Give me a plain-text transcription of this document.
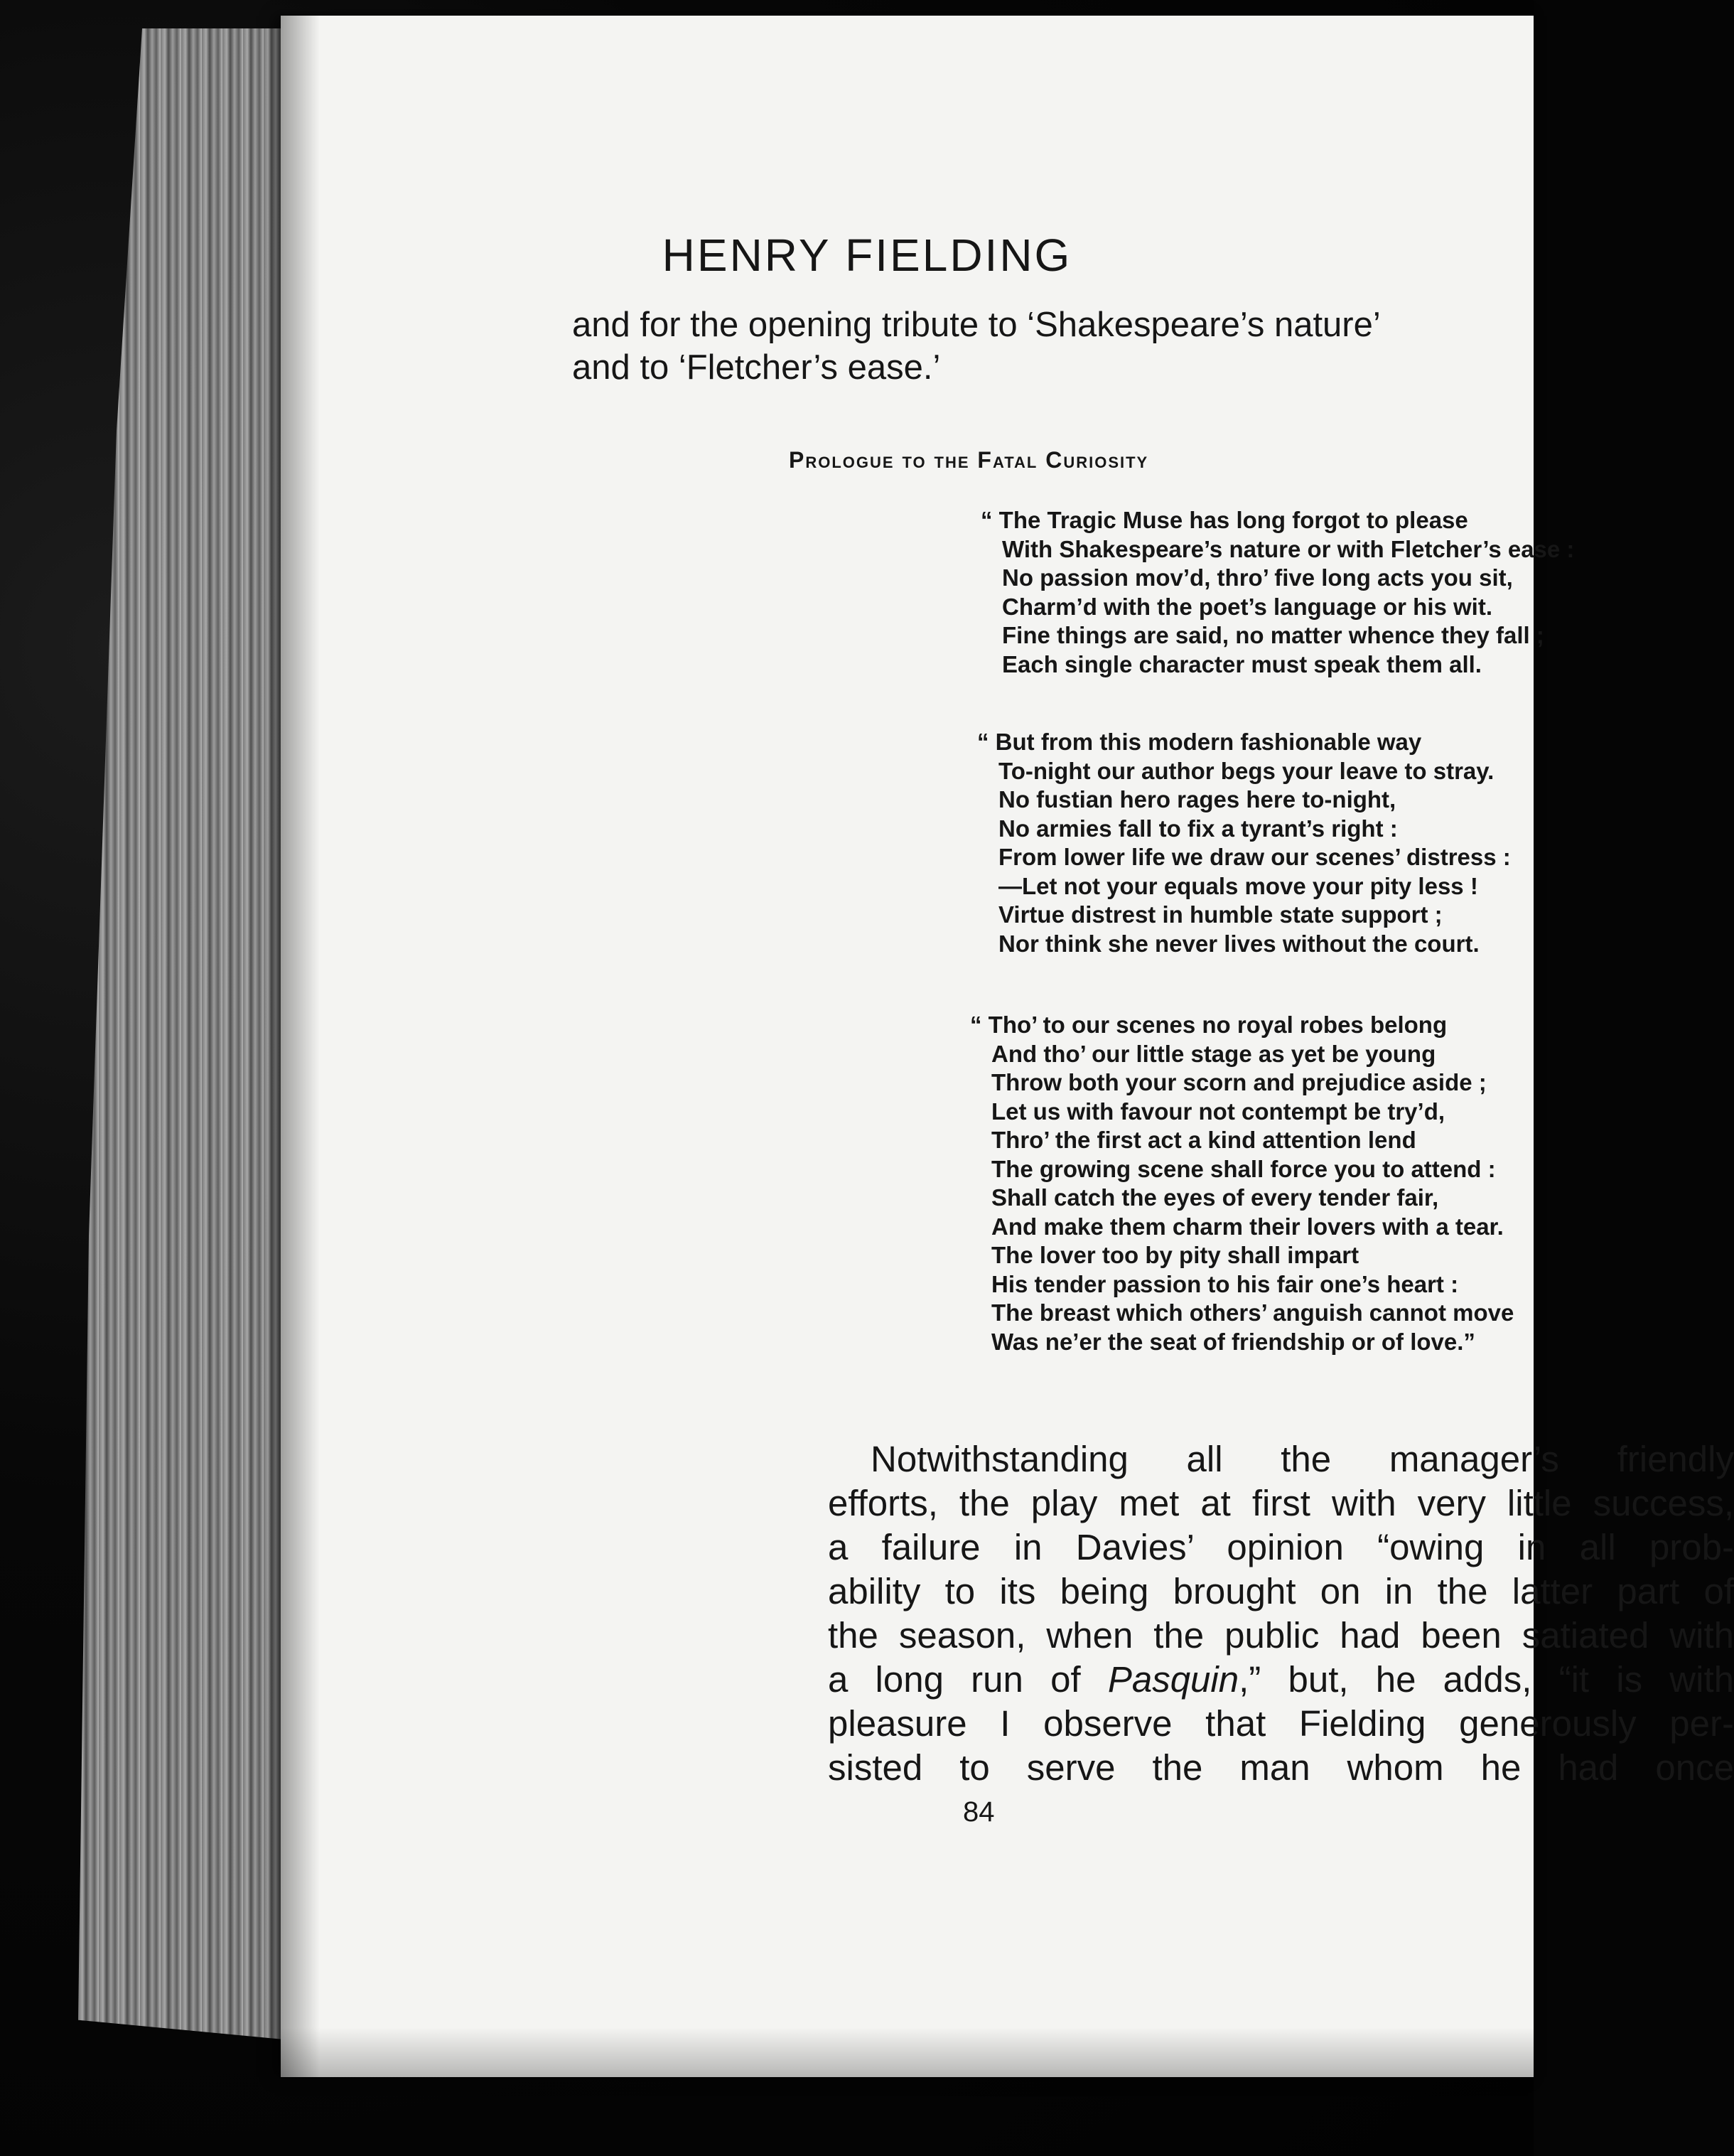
HENRY FIELDING
and for the opening tribute to ‘Shakespeare’s nature’
and to ‘Fletcher’s ease.’
Prologue to the Fatal Curiosity
“ The Tragic Muse has long forgot to please
With Shakespeare’s nature or with Fletcher’s ease :
No passion mov’d, thro’ five long acts you sit,
Charm’d with the poet’s language or his wit.
Fine things are said, no matter whence they fall ;
Each single character must speak them all.
“ But from this modern fashionable way
To-night our author begs your leave to stray.
No fustian hero rages here to-night,
No armies fall to fix a tyrant’s right :
From lower life we draw our scenes’ distress :
—Let not your equals move your pity less !
Virtue distrest in humble state support ;
Nor think she never lives without the court.
“ Tho’ to our scenes no royal robes belong
And tho’ our little stage as yet be young
Throw both your scorn and prejudice aside ;
Let us with favour not contempt be try’d,
Thro’ the first act a kind attention lend
The growing scene shall force you to attend :
Shall catch the eyes of every tender fair,
And make them charm their lovers with a tear.
The lover too by pity shall impart
His tender passion to his fair one’s heart :
The breast which others’ anguish cannot move
Was ne’er the seat of friendship or of love.”
Notwithstanding all the manager’s friendly
efforts, the play met at first with very little success,
a failure in Davies’ opinion “owing in all prob-
ability to its being brought on in the latter part of
the season, when the public had been satiated with
a long run of Pasquin,” but, he adds, “it is with
pleasure I observe that Fielding generously per-
sisted to serve the man whom he had once
84
